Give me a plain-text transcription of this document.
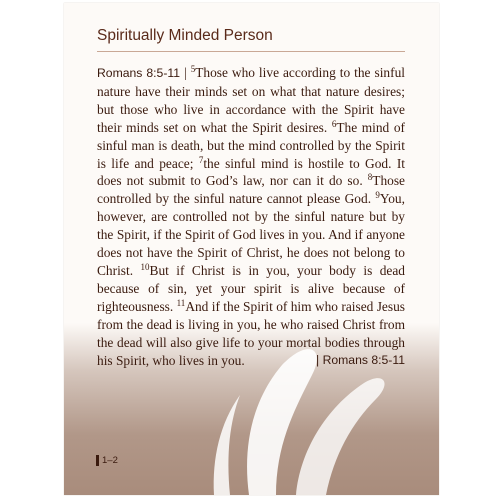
Spiritually Minded Person

Romans 8:5-11 | $^5$Those who live according to the sinful nature have their minds set on what that nature desires; but those who live in accordance with the Spirit have their minds set on what the Spirit desires. $^6$The mind of sinful man is death, but the mind controlled by the Spirit is life and peace; $^7$the sinful mind is hostile to God. It does not submit to God’s law, nor can it do so. $^8$Those controlled by the sinful nature cannot please God. $^9$You, however, are controlled not by the sinful nature but by the Spirit, if the Spirit of God lives in you. And if anyone does not have the Spirit of Christ, he does not belong to Christ. $^{10}$But if Christ is in you, your body is dead because of sin, yet your spirit is alive because of righteousness. $^{11}$And if the Spirit of him who raised Jesus from the dead is living in you, he who raised Christ from the dead will also give life to your mortal bodies through his Spirit, who lives in you.	| Romans 8:5-11

1–2
